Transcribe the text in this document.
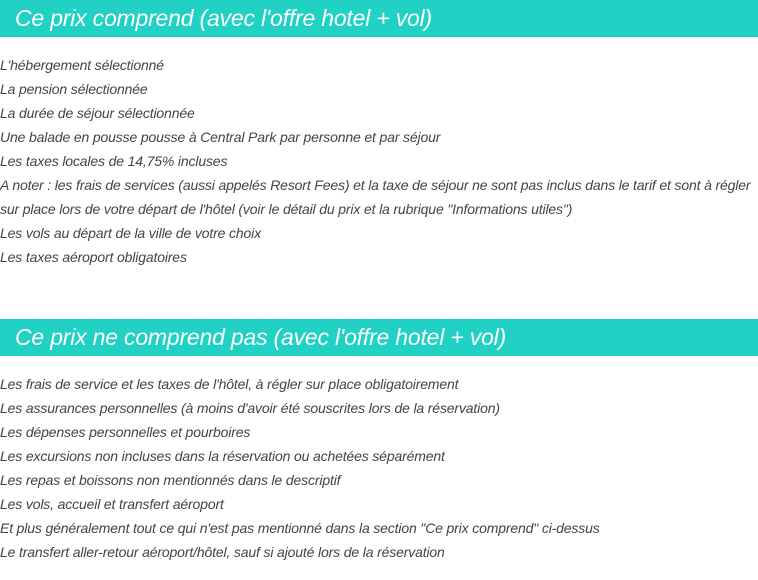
Ce prix comprend (avec l'offre hotel + vol)
L'hébergement sélectionné
La pension sélectionnée
La durée de séjour sélectionnée
Une balade en pousse pousse à Central Park par personne et par séjour
Les taxes locales de 14,75% incluses
A noter : les frais de services (aussi appelés Resort Fees) et la taxe de séjour ne sont pas inclus dans le tarif et sont à régler
sur place lors de votre départ de l'hôtel (voir le détail du prix et la rubrique "Informations utiles")
Les vols au départ de la ville de votre choix
Les taxes aéroport obligatoires
Ce prix ne comprend pas (avec l'offre hotel + vol)
Les frais de service et les taxes de l'hôtel, à régler sur place obligatoirement
Les assurances personnelles (à moins d'avoir été souscrites lors de la réservation)
Les dépenses personnelles et pourboires
Les excursions non incluses dans la réservation ou achetées séparément
Les repas et boissons non mentionnés dans le descriptif
Les vols, accueil et transfert aéroport
Et plus généralement tout ce qui n'est pas mentionné dans la section "Ce prix comprend" ci-dessus
Le transfert aller-retour aéroport/hôtel, sauf si ajouté lors de la réservation
